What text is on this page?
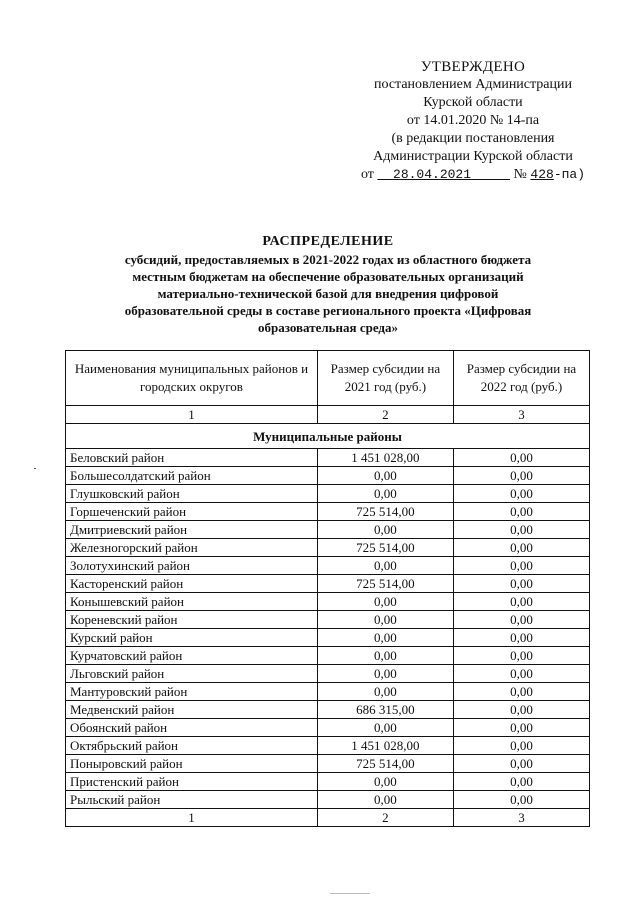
УТВЕРЖДЕНО
постановлением Администрации
Курской области
от 14.01.2020 № 14-па
(в редакции постановления
Администрации Курской области
от 28.04.2021	№ 428-па)
РАСПРЕДЕЛЕНИЕ
субсидий, предоставляемых в 2021-2022 годах из областного бюджета
местным бюджетам на обеспечение образовательных организаций
материально-технической базой для внедрения цифровой
образовательной среды в составе регионального проекта «Цифровая
образовательная среда»
Наименования муниципальных районов и городских округов	Размер субсидии на 2021 год (руб.)	Размер субсидии на 2022 год (руб.)
1	2	3
Муниципальные районы		
Беловский район	1 451 028,00	0,00
Большесолдатский район	0,00	0,00
Глушковский район	0,00	0,00
Горшеченский район	725 514,00	0,00
Дмитриевский район	0,00	0,00
Железногорский район	725 514,00	0,00
Золотухинский район	0,00	0,00
Касторенский район	725 514,00	0,00
Конышевский район	0,00	0,00
Кореневский район	0,00	0,00
Курский район	0,00	0,00
Курчатовский район	0,00	0,00
Льговский район	0,00	0,00
Мантуровский район	0,00	0,00
Медвенский район	686 315,00	0,00
Обоянский район	0,00	0,00
Октябрьский район	1 451 028,00	0,00
Поныровский район	725 514,00	0,00
Пристенский район	0,00	0,00
Рыльский район	0,00	0,00
1	2	3
